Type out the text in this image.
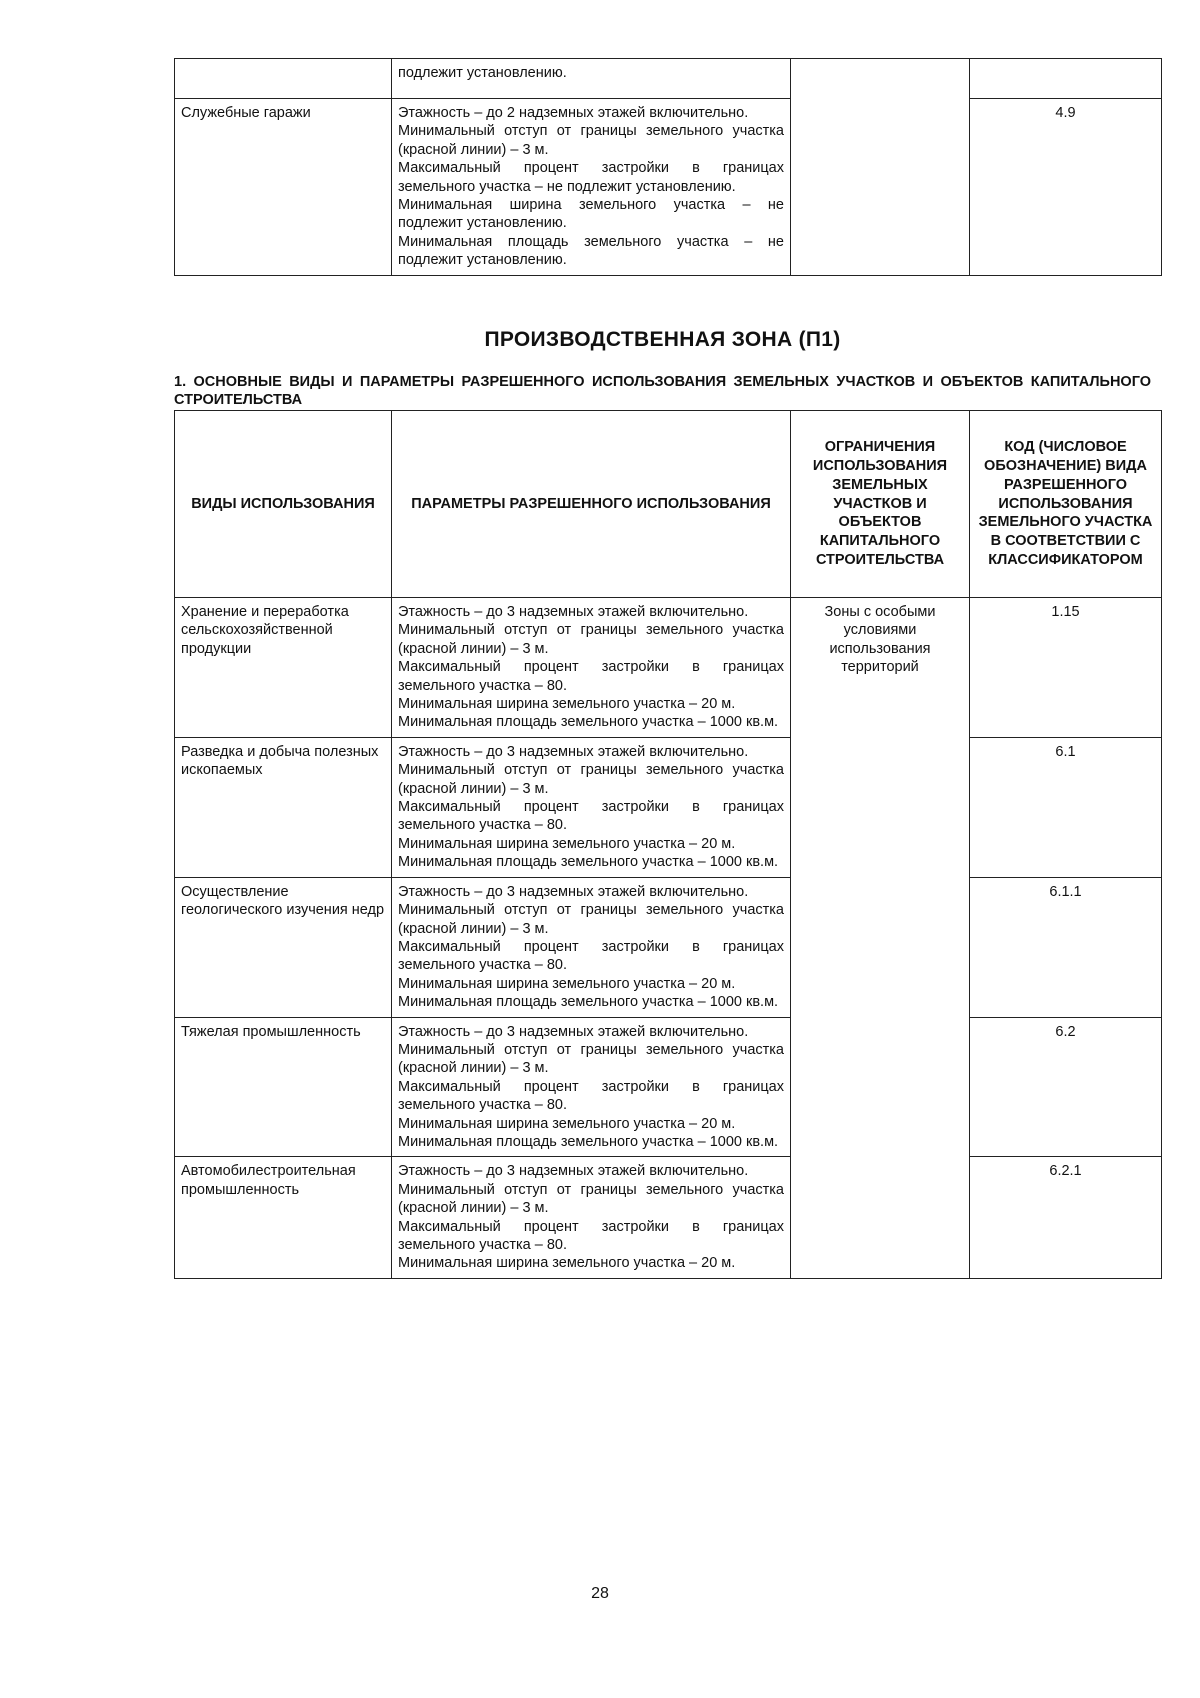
	подлежит установлению.		

Служебные гаражи	Этажность – до 2 надземных этажей включительно.

Минимальный отступ от границы земельного участка (красной линии) – 3 м.

Максимальный процент застройки в границах земельного участка – не подлежит установлению.

Минимальная ширина земельного участка – не подлежит установлению.

Минимальная площадь земельного участка – не подлежит установлению.		4.9
ПРОИЗВОДСТВЕННАЯ ЗОНА (П1)
1. ОСНОВНЫЕ ВИДЫ И ПАРАМЕТРЫ РАЗРЕШЕННОГО ИСПОЛЬЗОВАНИЯ ЗЕМЕЛЬНЫХ УЧАСТКОВ И ОБЪЕКТОВ КАПИТАЛЬНОГО СТРОИТЕЛЬСТВА
ВИДЫ ИСПОЛЬЗОВАНИЯ	ПАРАМЕТРЫ РАЗРЕШЕННОГО ИСПОЛЬЗОВАНИЯ	ОГРАНИЧЕНИЯ ИСПОЛЬЗОВАНИЯ ЗЕМЕЛЬНЫХ УЧАСТКОВ И ОБЪЕКТОВ КАПИТАЛЬНОГО СТРОИТЕЛЬСТВА	КОД (ЧИСЛОВОЕ ОБОЗНАЧЕНИЕ) ВИДА РАЗРЕШЕННОГО ИСПОЛЬЗОВАНИЯ ЗЕМЕЛЬНОГО УЧАСТКА В СООТВЕТСТВИИ С КЛАССИФИКАТОРОМ
Хранение и переработка сельскохозяйственной продукции	Этажность – до 3 надземных этажей включительно.

Минимальный отступ от границы земельного участка (красной линии) – 3 м.

Максимальный процент застройки в границах земельного участка – 80.

Минимальная ширина земельного участка – 20 м.

Минимальная площадь земельного участка – 1000 кв.м.	Зоны с особыми условиями использования территорий	1.15
Разведка и добыча полезных ископаемых	Этажность – до 3 надземных этажей включительно.

Минимальный отступ от границы земельного участка (красной линии) – 3 м.

Максимальный процент застройки в границах земельного участка – 80.

Минимальная ширина земельного участка – 20 м.

Минимальная площадь земельного участка – 1000 кв.м.		6.1
Осуществление геологического изучения недр	Этажность – до 3 надземных этажей включительно.

Минимальный отступ от границы земельного участка (красной линии) – 3 м.

Максимальный процент застройки в границах земельного участка – 80.

Минимальная ширина земельного участка – 20 м.

Минимальная площадь земельного участка – 1000 кв.м.		6.1.1
Тяжелая промышленность	Этажность – до 3 надземных этажей включительно.

Минимальный отступ от границы земельного участка (красной линии) – 3 м.

Максимальный процент застройки в границах земельного участка – 80.

Минимальная ширина земельного участка – 20 м.

Минимальная площадь земельного участка – 1000 кв.м.		6.2
Автомобилестроительная промышленность	Этажность – до 3 надземных этажей включительно.

Минимальный отступ от границы земельного участка (красной линии) – 3 м.

Максимальный процент застройки в границах земельного участка – 80.

Минимальная ширина земельного участка – 20 м.		6.2.1
28
